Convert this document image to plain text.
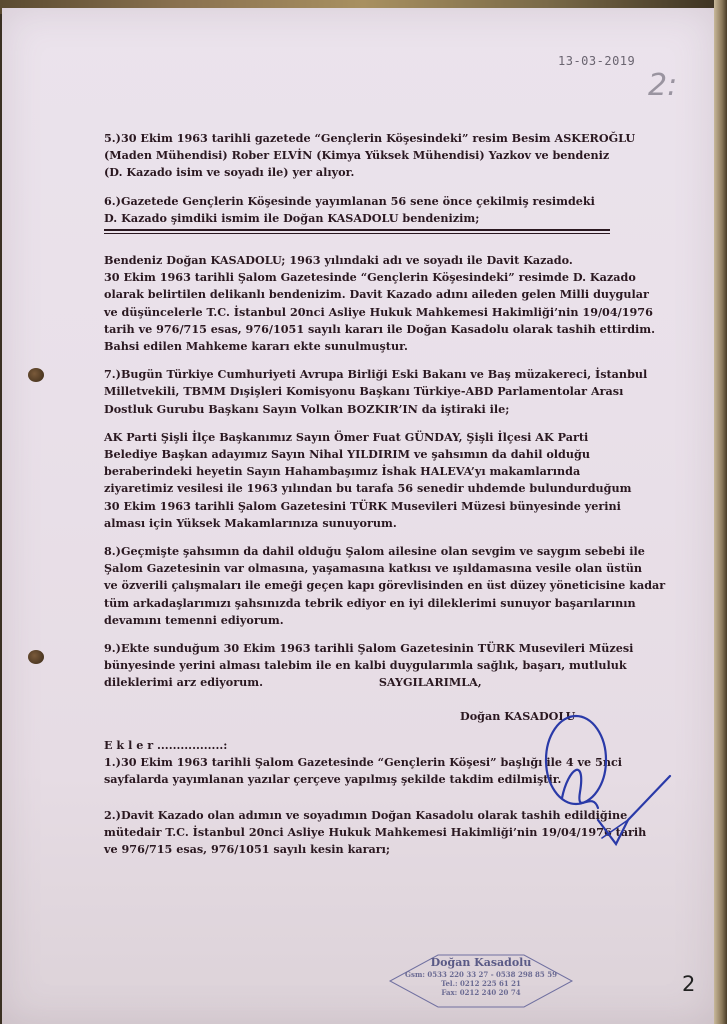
13-03-2019
2:
5.)30 Ekim 1963 tarihli gazetede “Gençlerin Köşesindeki” resim Besim ASKEROĞLU
(Maden Mühendisi) Rober ELVİN (Kimya Yüksek Mühendisi) Yazkov ve bendeniz
(D. Kazado isim ve soyadı ile) yer alıyor.
6.)Gazetede Gençlerin Köşesinde yayımlanan 56 sene önce çekilmiş resimdeki
D. Kazado şimdiki ismim ile Doğan KASADOLU bendenizim;
Bendeniz Doğan KASADOLU; 1963 yılındaki adı ve soyadı ile Davit Kazado.
30 Ekim 1963 tarihli Şalom Gazetesinde “Gençlerin Köşesindeki” resimde D. Kazado
olarak belirtilen delikanlı bendenizim. Davit Kazado adını aileden gelen Milli duygular
ve düşüncelerle T.C. İstanbul 20nci Asliye Hukuk Mahkemesi Hakimliği’nin 19/04/1976
tarih ve 976/715 esas, 976/1051 sayılı kararı ile Doğan Kasadolu olarak tashih ettirdim.
Bahsi edilen Mahkeme kararı ekte sunulmuştur.
7.)Bugün Türkiye Cumhuriyeti Avrupa Birliği Eski Bakanı ve Baş müzakereci, İstanbul
Milletvekili, TBMM Dışişleri Komisyonu Başkanı Türkiye-ABD Parlamentolar Arası
Dostluk Gurubu Başkanı Sayın Volkan BOZKIR’IN da iştiraki ile;
AK Parti Şişli İlçe Başkanımız Sayın Ömer Fuat GÜNDAY, Şişli İlçesi AK Parti
Belediye Başkan adayımız Sayın Nihal YILDIRIM ve şahsımın da dahil olduğu
beraberindeki heyetin Sayın Hahambaşımız İshak HALEVA’yı makamlarında
ziyaretimiz vesilesi ile 1963 yılından bu tarafa 56 senedir uhdemde bulundurduğum
30 Ekim 1963 tarihli Şalom Gazetesini TÜRK Musevileri Müzesi bünyesinde yerini
alması için Yüksek Makamlarınıza sunuyorum.
8.)Geçmişte şahsımın da dahil olduğu Şalom ailesine olan sevgim ve saygım sebebi ile
Şalom Gazetesinin var olmasına, yaşamasına katkısı ve ışıldamasına vesile olan üstün
ve özverili çalışmaları ile emeği geçen kapı görevlisinden en üst düzey yöneticisine kadar
tüm arkadaşlarımızı şahsınızda tebrik ediyor en iyi dileklerimi sunuyor başarılarının
devamını temenni ediyorum.
9.)Ekte sunduğum 30 Ekim 1963 tarihli Şalom Gazetesinin TÜRK Musevileri Müzesi
bünyesinde yerini alması talebim ile en kalbi duygularımla sağlık, başarı, mutluluk
dileklerimi arz ediyorum.	SAYGILARIMLA,
Doğan KASADOLU
E k l e r .................:
1.)30 Ekim 1963 tarihli Şalom Gazetesinde “Gençlerin Köşesi” başlığı ile 4 ve 5nci
sayfalarda yayımlanan yazılar çerçeve yapılmış şekilde takdim edilmiştir.
2.)Davit Kazado olan adımın ve soyadımın Doğan Kasadolu olarak tashih edildiğine
mütedair T.C. İstanbul 20nci Asliye Hukuk Mahkemesi Hakimliği’nin 19/04/1976 tarih
ve 976/715 esas, 976/1051 sayılı kesin kararı;
Doğan Kasadolu
Gsm: 0533 220 33 27 - 0538 298 85 59
Tel.: 0212 225 61 21
Fax: 0212 240 20 74	2
